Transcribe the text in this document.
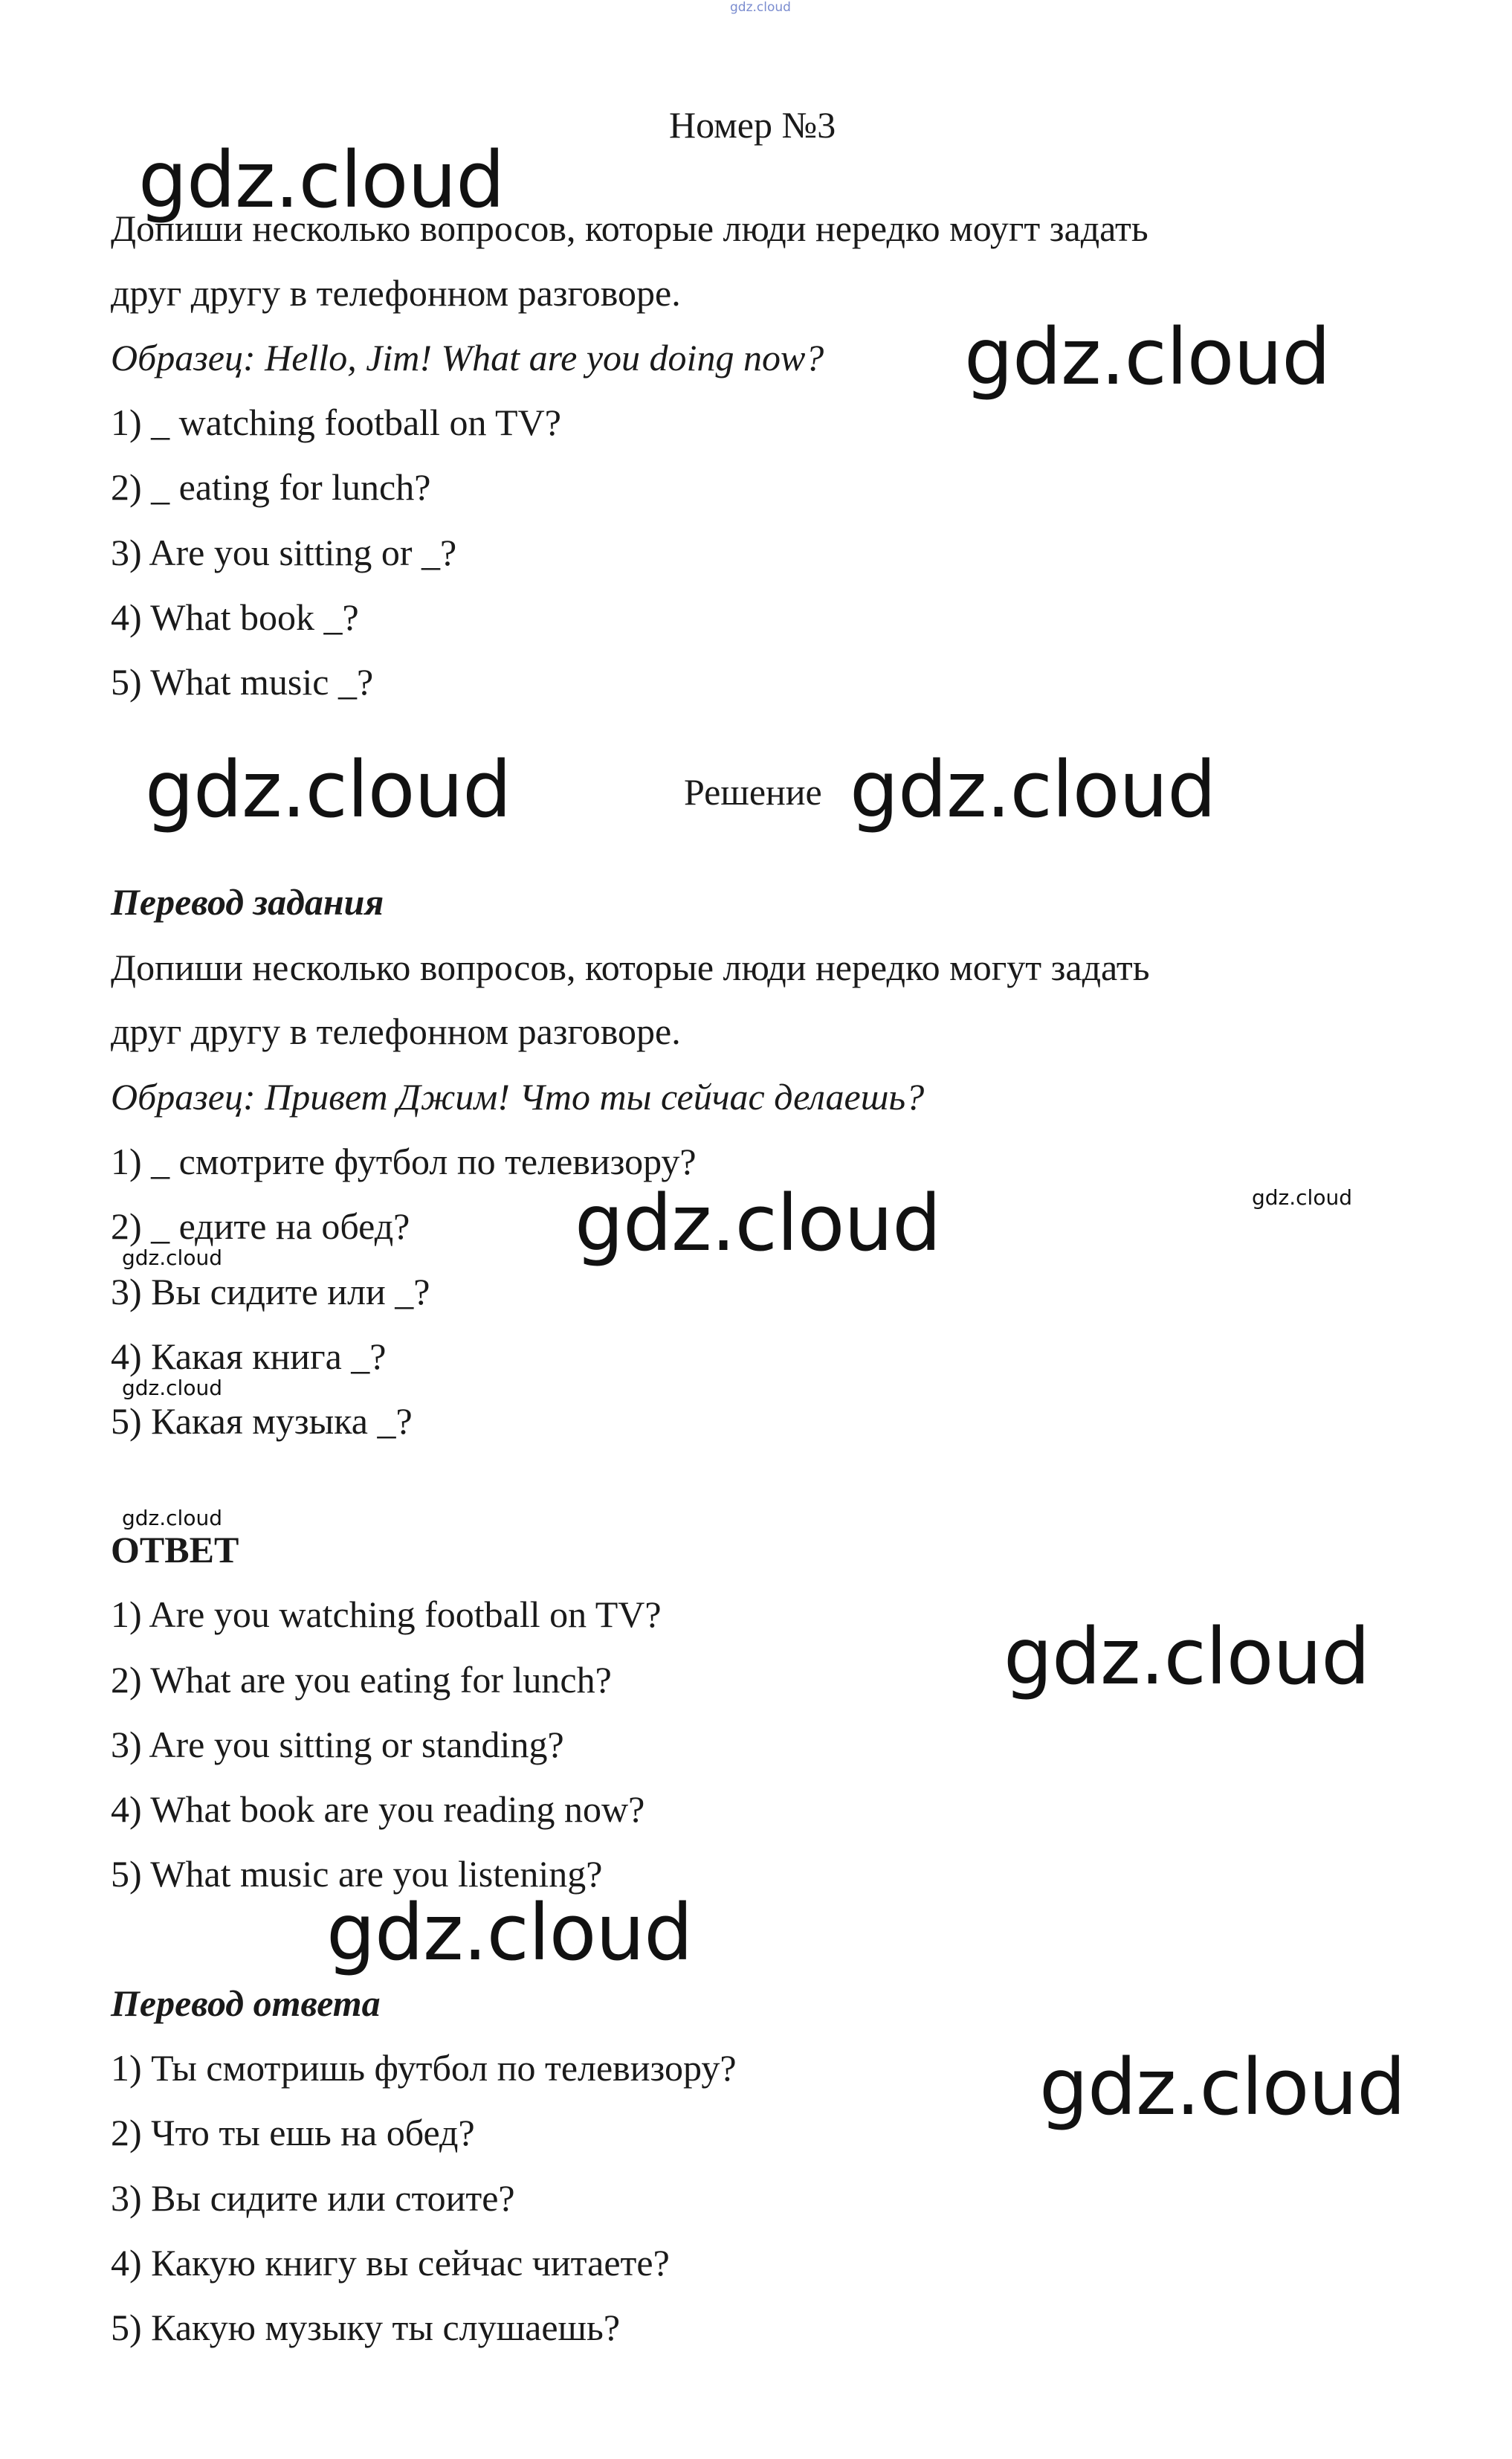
gdz.cloud
Номер №3
Допиши несколько вопросов, которые люди нередко моугт задать
друг другу в телефонном разговоре.
Образец: Hello, Jim! What are you doing now?
1) _ watching football on TV?
2) _ eating for lunch?
3) Are you sitting or _?
4) What book _?
5) What music _?
Решение
Перевод задания
Допиши несколько вопросов, которые люди нередко могут задать
друг другу в телефонном разговоре.
Образец: Привет Джим! Что ты сейчас делаешь?
1) _ смотрите футбол по телевизору?
2) _ едите на обед?
3) Вы сидите или _?
4) Какая книга _?
5) Какая музыка _?
ОТВЕТ
1) Are you watching football on TV?
2) What are you eating for lunch?
3) Are you sitting or standing?
4) What book are you reading now?
5) What music are you listening?
Перевод ответа
1) Ты смотришь футбол по телевизору?
2) Что ты ешь на обед?
3) Вы сидите или стоите?
4) Какую книгу вы сейчас читаете?
5) Какую музыку ты слушаешь?
gdz.cloud
gdz.cloud
gdz.cloud	gdz.cloud
gdz.cloud
gdz.cloud
gdz.cloud
gdz.cloud
gdz.cloud
gdz.cloud
gdz.cloud
gdz.cloud
